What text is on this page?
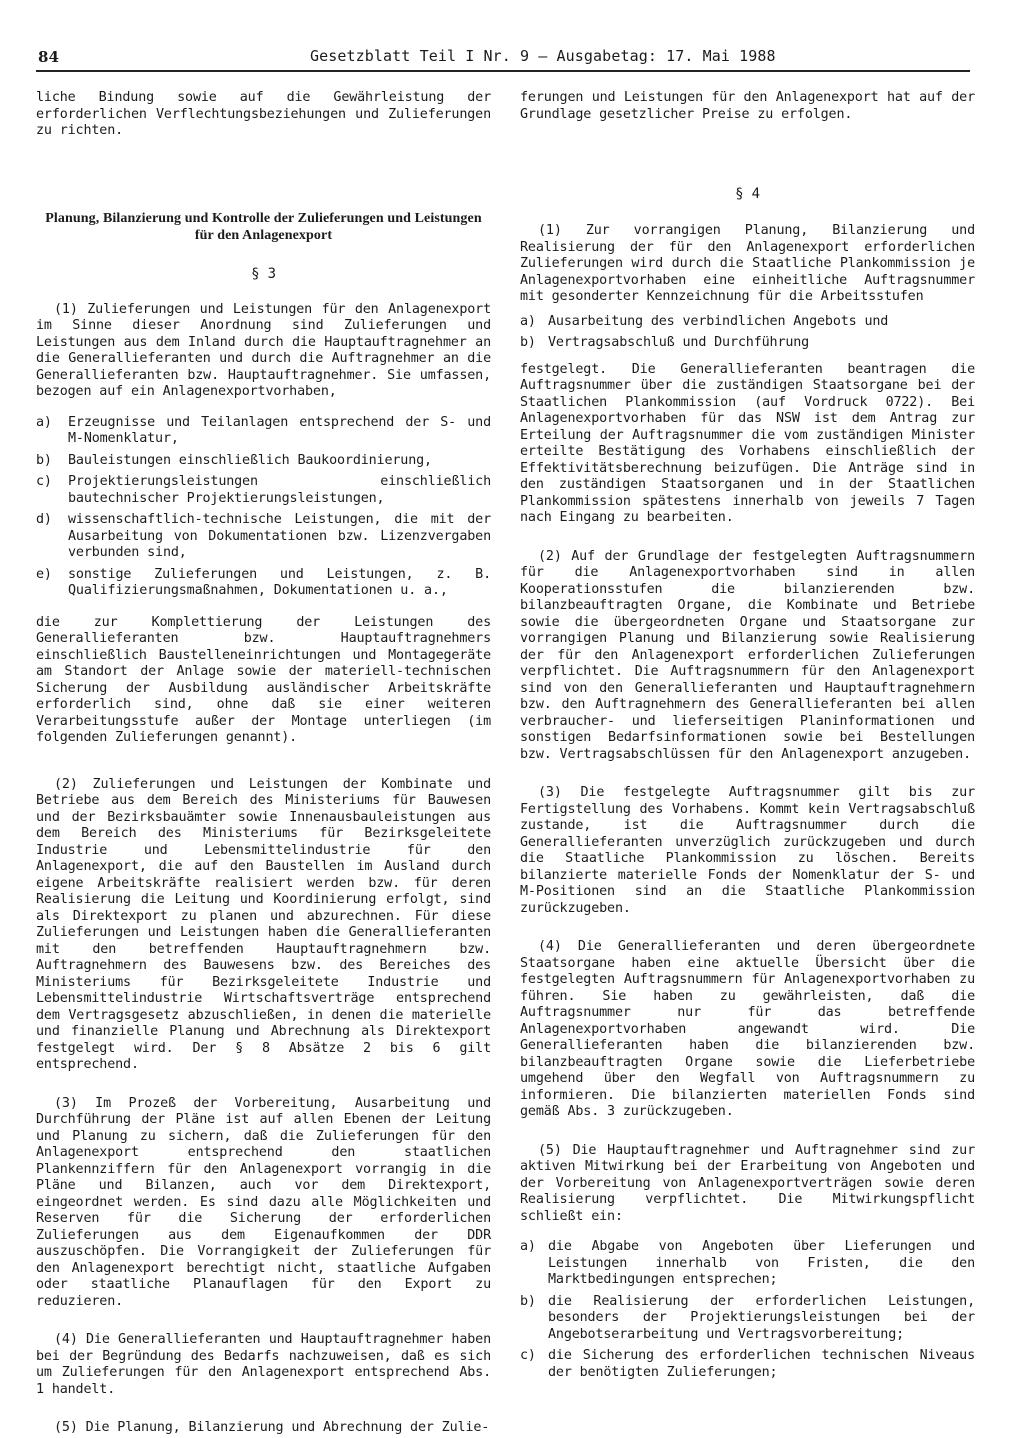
84	Gesetzblatt Teil I Nr. 9 — Ausgabetag: 17. Mai 1988

liche Bindung sowie auf die Gewährleistung der erforderlichen Verflechtungsbeziehungen und Zulieferungen zu richten.

Planung, Bilanzierung und Kontrolle der Zulieferungen und Leistungen für den Anlagenexport
§ 3

(1) Zulieferungen und Leistungen für den Anlagenexport im Sinne dieser Anordnung sind Zulieferungen und Leistungen aus dem Inland durch die Hauptauftragnehmer an die Generallieferanten und durch die Auftragnehmer an die Generallieferanten bzw. Hauptauftragnehmer. Sie umfassen, bezogen auf ein Anlagenexportvorhaben,

a)	Erzeugnisse und Teilanlagen entsprechend der S- und M-Nomenklatur,
b)	Bauleistungen einschließlich Baukoordinierung,
c)	Projektierungsleistungen einschließlich bautechnischer Projektierungsleistungen,
d)	wissenschaftlich-technische Leistungen, die mit der Ausarbeitung von Dokumentationen bzw. Lizenzvergaben verbunden sind,
e)	sonstige Zulieferungen und Leistungen, z. B. Qualifizierungsmaßnahmen, Dokumentationen u. a.,

die zur Komplettierung der Leistungen des Generallieferanten bzw. Hauptauftragnehmers einschließlich Baustelleneinrichtungen und Montagegeräte am Standort der Anlage sowie der materiell-technischen Sicherung der Ausbildung ausländischer Arbeitskräfte erforderlich sind, ohne daß sie einer weiteren Verarbeitungsstufe außer der Montage unterliegen (im folgenden Zulieferungen genannt).

(2) Zulieferungen und Leistungen der Kombinate und Betriebe aus dem Bereich des Ministeriums für Bauwesen und der Bezirksbauämter sowie Innenausbauleistungen aus dem Bereich des Ministeriums für Bezirksgeleitete Industrie und Lebensmittelindustrie für den Anlagenexport, die auf den Baustellen im Ausland durch eigene Arbeitskräfte realisiert werden bzw. für deren Realisierung die Leitung und Koordinierung erfolgt, sind als Direktexport zu planen und abzurechnen. Für diese Zulieferungen und Leistungen haben die Generallieferanten mit den betreffenden Hauptauftragnehmern bzw. Auftragnehmern des Bauwesens bzw. des Bereiches des Ministeriums für Bezirksgeleitete Industrie und Lebensmittelindustrie Wirtschaftsverträge entsprechend dem Vertragsgesetz abzuschließen, in denen die materielle und finanzielle Planung und Abrechnung als Direktexport festgelegt wird. Der § 8 Absätze 2 bis 6 gilt entsprechend.

(3) Im Prozeß der Vorbereitung, Ausarbeitung und Durchführung der Pläne ist auf allen Ebenen der Leitung und Planung zu sichern, daß die Zulieferungen für den Anlagenexport entsprechend den staatlichen Plankennziffern für den Anlagenexport vorrangig in die Pläne und Bilanzen, auch vor dem Direktexport, eingeordnet werden. Es sind dazu alle Möglichkeiten und Reserven für die Sicherung der erforderlichen Zulieferungen aus dem Eigenaufkommen der DDR auszuschöpfen. Die Vorrangigkeit der Zulieferungen für den Anlagenexport berechtigt nicht, staatliche Aufgaben oder staatliche Planauflagen für den Export zu reduzieren.

(4) Die Generallieferanten und Hauptauftragnehmer haben bei der Begründung des Bedarfs nachzuweisen, daß es sich um Zulieferungen für den Anlagenexport entsprechend Abs. 1 handelt.

(5) Die Planung, Bilanzierung und Abrechnung der Zulie-

ferungen und Leistungen für den Anlagenexport hat auf der Grundlage gesetzlicher Preise zu erfolgen.

§ 4

(1) Zur vorrangigen Planung, Bilanzierung und Realisierung der für den Anlagenexport erforderlichen Zulieferungen wird durch die Staatliche Plankommission je Anlagenexportvorhaben eine einheitliche Auftragsnummer mit gesonderter Kennzeichnung für die Arbeitsstufen

a) Ausarbeitung des verbindlichen Angebots und
b) Vertragsabschluß und Durchführung

festgelegt. Die Generallieferanten beantragen die Auftragsnummer über die zuständigen Staatsorgane bei der Staatlichen Plankommission (auf Vordruck 0722). Bei Anlagenexportvorhaben für das NSW ist dem Antrag zur Erteilung der Auftragsnummer die vom zuständigen Minister erteilte Bestätigung des Vorhabens einschließlich der Effektivitätsberechnung beizufügen. Die Anträge sind in den zuständigen Staatsorganen und in der Staatlichen Plankommission spätestens innerhalb von jeweils 7 Tagen nach Eingang zu bearbeiten.

(2) Auf der Grundlage der festgelegten Auftragsnummern für die Anlagenexportvorhaben sind in allen Kooperationsstufen die bilanzierenden bzw. bilanzbeauftragten Organe, die Kombinate und Betriebe sowie die übergeordneten Organe und Staatsorgane zur vorrangigen Planung und Bilanzierung sowie Realisierung der für den Anlagenexport erforderlichen Zulieferungen verpflichtet. Die Auftragsnummern für den Anlagenexport sind von den Generallieferanten und Hauptauftragnehmern bzw. den Auftragnehmern des Generallieferanten bei allen verbraucher- und lieferseitigen Planinformationen und sonstigen Bedarfsinformationen sowie bei Bestellungen bzw. Vertragsabschlüssen für den Anlagenexport anzugeben.

(3) Die festgelegte Auftragsnummer gilt bis zur Fertigstellung des Vorhabens. Kommt kein Vertragsabschluß zustande, ist die Auftragsnummer durch die Generallieferanten unverzüglich zurückzugeben und durch die Staatliche Plankommission zu löschen. Bereits bilanzierte materielle Fonds der Nomenklatur der S- und M-Positionen sind an die Staatliche Plankommission zurückzugeben.

(4) Die Generallieferanten und deren übergeordnete Staatsorgane haben eine aktuelle Übersicht über die festgelegten Auftragsnummern für Anlagenexportvorhaben zu führen. Sie haben zu gewährleisten, daß die Auftragsnummer nur für das betreffende Anlagenexportvorhaben angewandt wird. Die Generallieferanten haben die bilanzierenden bzw. bilanzbeauftragten Organe sowie die Lieferbetriebe umgehend über den Wegfall von Auftragsnummern zu informieren. Die bilanzierten materiellen Fonds sind gemäß Abs. 3 zurückzugeben.

(5) Die Hauptauftragnehmer und Auftragnehmer sind zur aktiven Mitwirkung bei der Erarbeitung von Angeboten und der Vorbereitung von Anlagenexportverträgen sowie deren Realisierung verpflichtet. Die Mitwirkungspflicht schließt ein:

a) die Abgabe von Angeboten über Lieferungen und Leistungen innerhalb von Fristen, die den Marktbedingungen entsprechen;
b) die Realisierung der erforderlichen Leistungen, besonders der Projektierungsleistungen bei der Angebotserarbeitung und Vertragsvorbereitung;
c) die Sicherung des erforderlichen technischen Niveaus der benötigten Zulieferungen;
